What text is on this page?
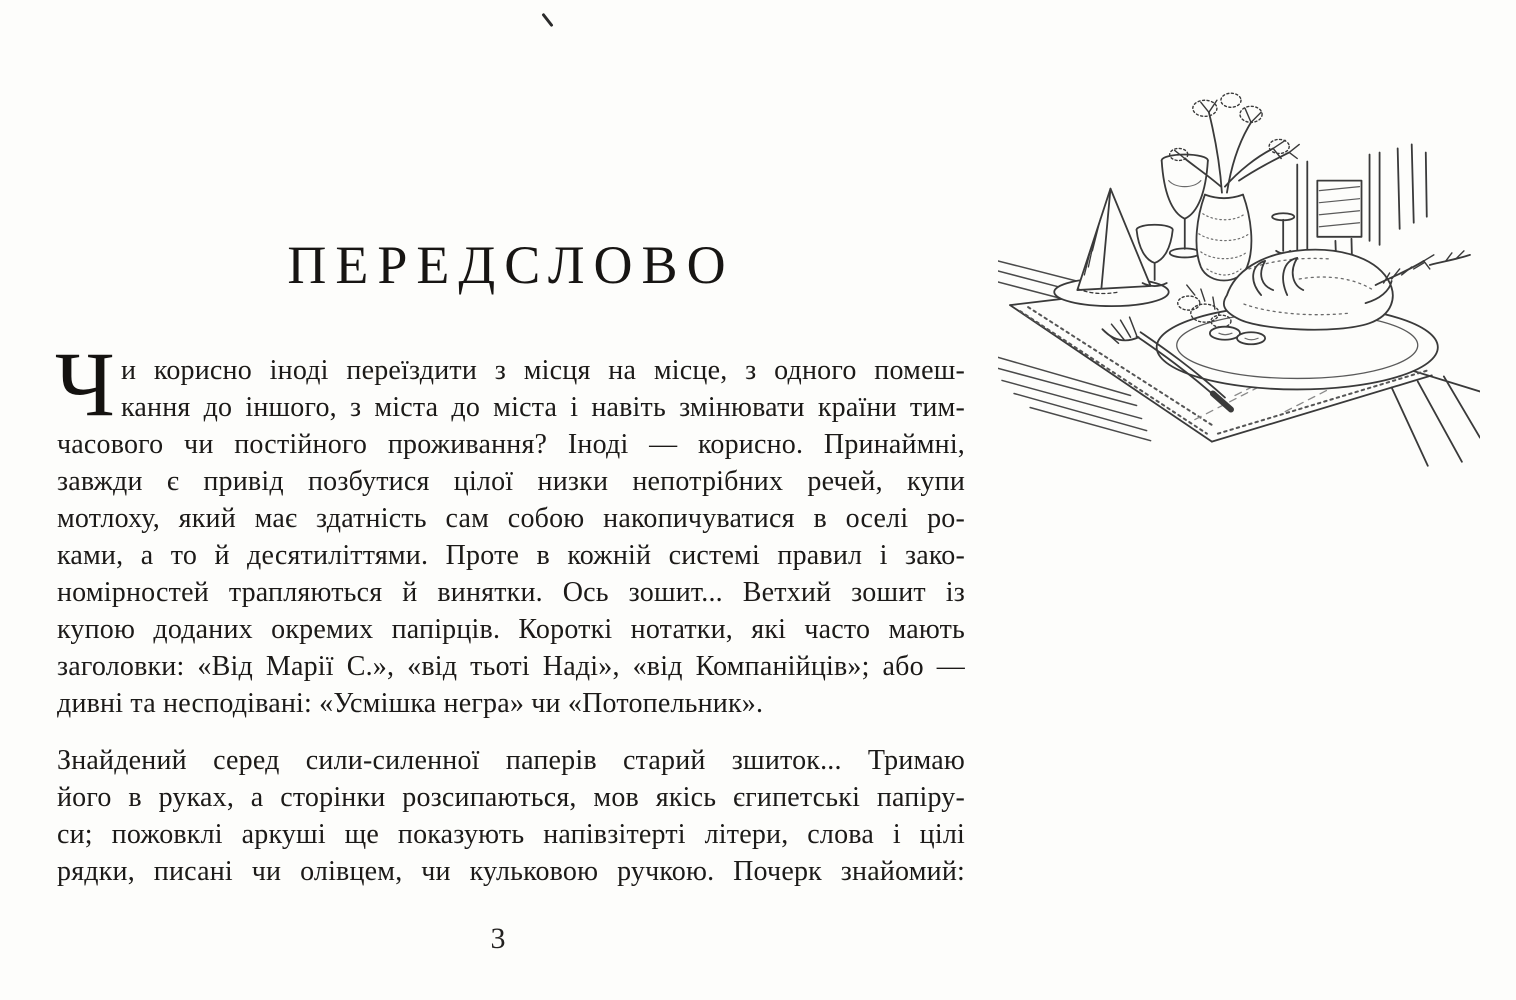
ПЕРЕДСЛОВО
Ч и корисно іноді переїздити з місця на місце, з одного помеш-
кання до іншого, з міста до міста і навіть змінювати країни тим-
часового чи постійного проживання? Іноді — корисно. Принаймні,
завжди є привід позбутися цілої низки непотрібних речей, купи
мотлоху, який має здатність сам собою накопичуватися в оселі ро-
ками, а то й десятиліттями. Проте в кожній системі правил і зако-
номірностей трапляються й винятки. Ось зошит... Ветхий зошит із
купою доданих окремих папірців. Короткі нотатки, які часто мають
заголовки: «Від Марії С.», «від тьоті Наді», «від Компанійців»; або —
дивні та несподівані: «Усмішка негра» чи «Потопельник».
Знайдений серед сили-силенної паперів старий зшиток... Тримаю
його в руках, а сторінки розсипаються, мов якісь єгипетські папіру-
си; пожовклі аркуші ще показують напівзітерті літери, слова і цілі
рядки, писані чи олівцем, чи кульковою ручкою. Почерк знайомий:
3
